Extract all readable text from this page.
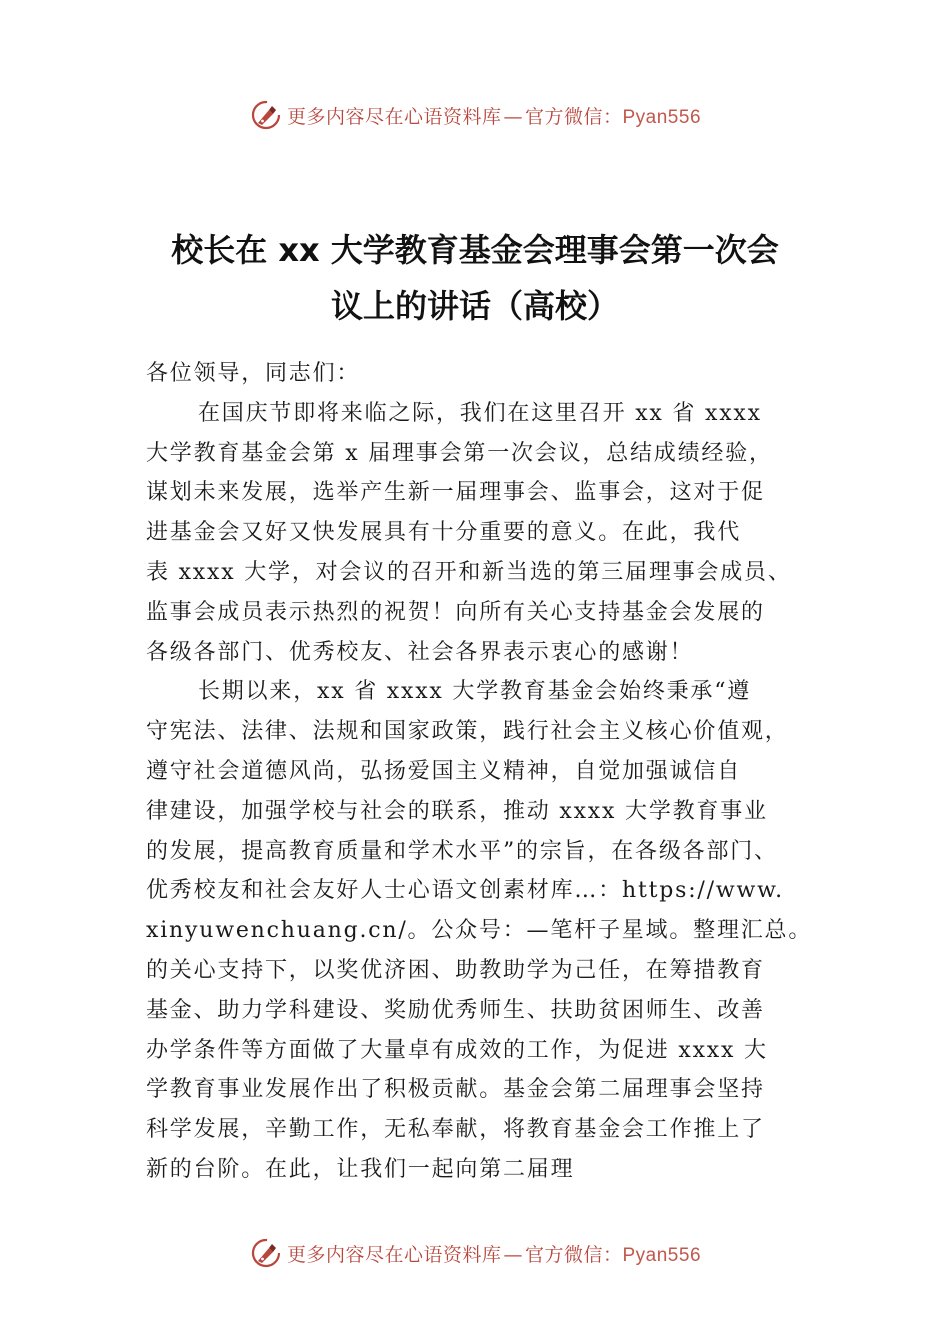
更多内容尽在心语资料库 — 官方微信：Pyan556
校长在 xx 大学教育基金会理事会第一次会
议上的讲话（高校）
各位领导，同志们：
在国庆节即将来临之际，我们在这里召开 xx 省 xxxx
大学教育基金会第 x 届理事会第一次会议，总结成绩经验，
谋划未来发展，选举产生新一届理事会、监事会，这对于促
进基金会又好又快发展具有十分重要的意义。在此，我代
表 xxxx 大学，对会议的召开和新当选的第三届理事会成员、
监事会成员表示热烈的祝贺！向所有关心支持基金会发展的
各级各部门、优秀校友、社会各界表示衷心的感谢！
长期以来，xx 省 xxxx 大学教育基金会始终秉承“遵
守宪法、法律、法规和国家政策，践行社会主义核心价值观，
遵守社会道德风尚，弘扬爱国主义精神，自觉加强诚信自
律建设，加强学校与社会的联系，推动 xxxx 大学教育事业
的发展，提高教育质量和学术水平”的宗旨，在各级各部门、
优秀校友和社会友好人士心语文创素材库…：https://www.
xinyuwenchuang.cn/。公众号：—笔杆子星域。整理汇总。
的关心支持下，以奖优济困、助教助学为己任，在筹措教育
基金、助力学科建设、奖励优秀师生、扶助贫困师生、改善
办学条件等方面做了大量卓有成效的工作，为促进 xxxx 大
学教育事业发展作出了积极贡献。基金会第二届理事会坚持
科学发展，辛勤工作，无私奉献，将教育基金会工作推上了
新的台阶。在此，让我们一起向第二届理
更多内容尽在心语资料库 — 官方微信：Pyan556
